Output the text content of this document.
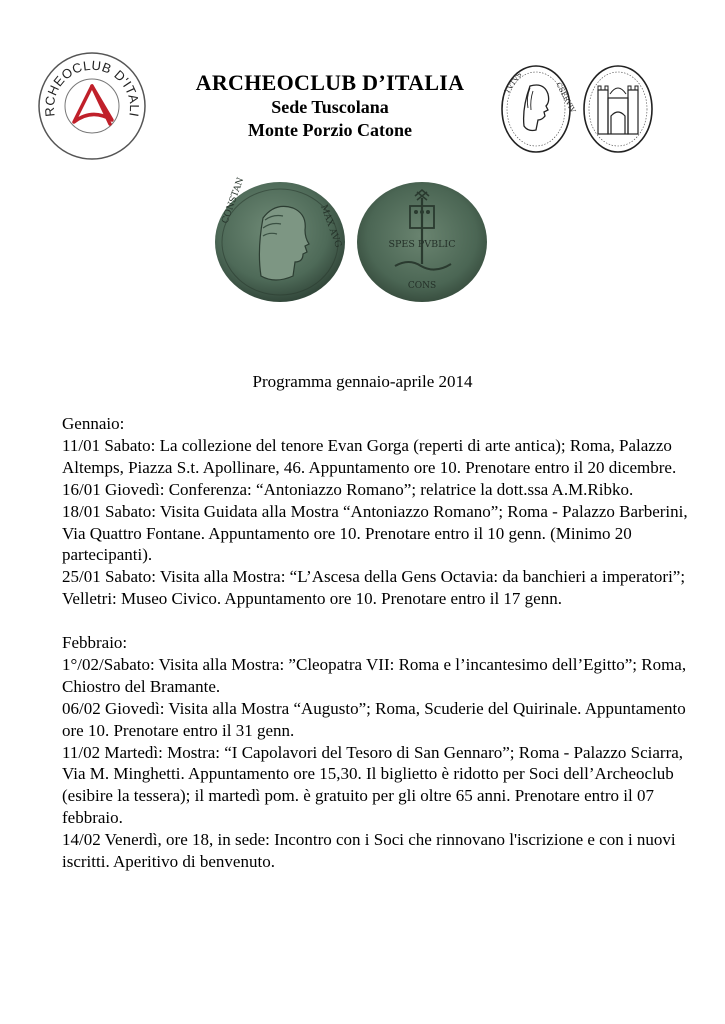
RCHEOCLUB D'ITALI
ARCHEOCLUB D’ITALIA
Sede Tuscolana
Monte Porzio Catone
TVTVS	CSERVIV
CONSTAN
MAX AVG	SPES PVBLIC
CONS
Programma gennaio-aprile 2014
Gennaio:
11/01 Sabato: La collezione del tenore Evan Gorga (reperti di arte antica); Roma, Palazzo Altemps, Piazza S.t. Apollinare, 46. Appuntamento ore 10. Prenotare entro il 20 dicembre.
16/01 Giovedì: Conferenza: “Antoniazzo Romano”; relatrice la dott.ssa A.M.Ribko.
18/01 Sabato: Visita Guidata alla Mostra “Antoniazzo Romano”; Roma - Palazzo Barberini, Via Quattro Fontane. Appuntamento ore 10. Prenotare entro il 10 genn. (Minimo 20 partecipanti).
25/01 Sabato: Visita alla Mostra: “L’Ascesa della Gens Octavia: da banchieri a imperatori”; Velletri: Museo Civico. Appuntamento ore 10. Prenotare entro il 17 genn.
Febbraio:
1°/02/Sabato: Visita alla Mostra: ”Cleopatra VII: Roma e l’incantesimo dell’Egitto”; Roma, Chiostro del Bramante.
06/02 Giovedì: Visita alla Mostra “Augusto”; Roma, Scuderie del Quirinale. Appuntamento ore 10. Prenotare entro il 31 genn.
11/02 Martedì: Mostra: “I Capolavori del Tesoro di San Gennaro”; Roma - Palazzo Sciarra, Via M. Minghetti. Appuntamento ore 15,30. Il biglietto è ridotto per Soci dell’Archeoclub (esibire la tessera); il martedì pom. è gratuito per gli oltre 65 anni. Prenotare entro il 07 febbraio.
14/02 Venerdì, ore 18, in sede: Incontro con i Soci che rinnovano l'iscrizione e con i nuovi iscritti. Aperitivo di benvenuto.
